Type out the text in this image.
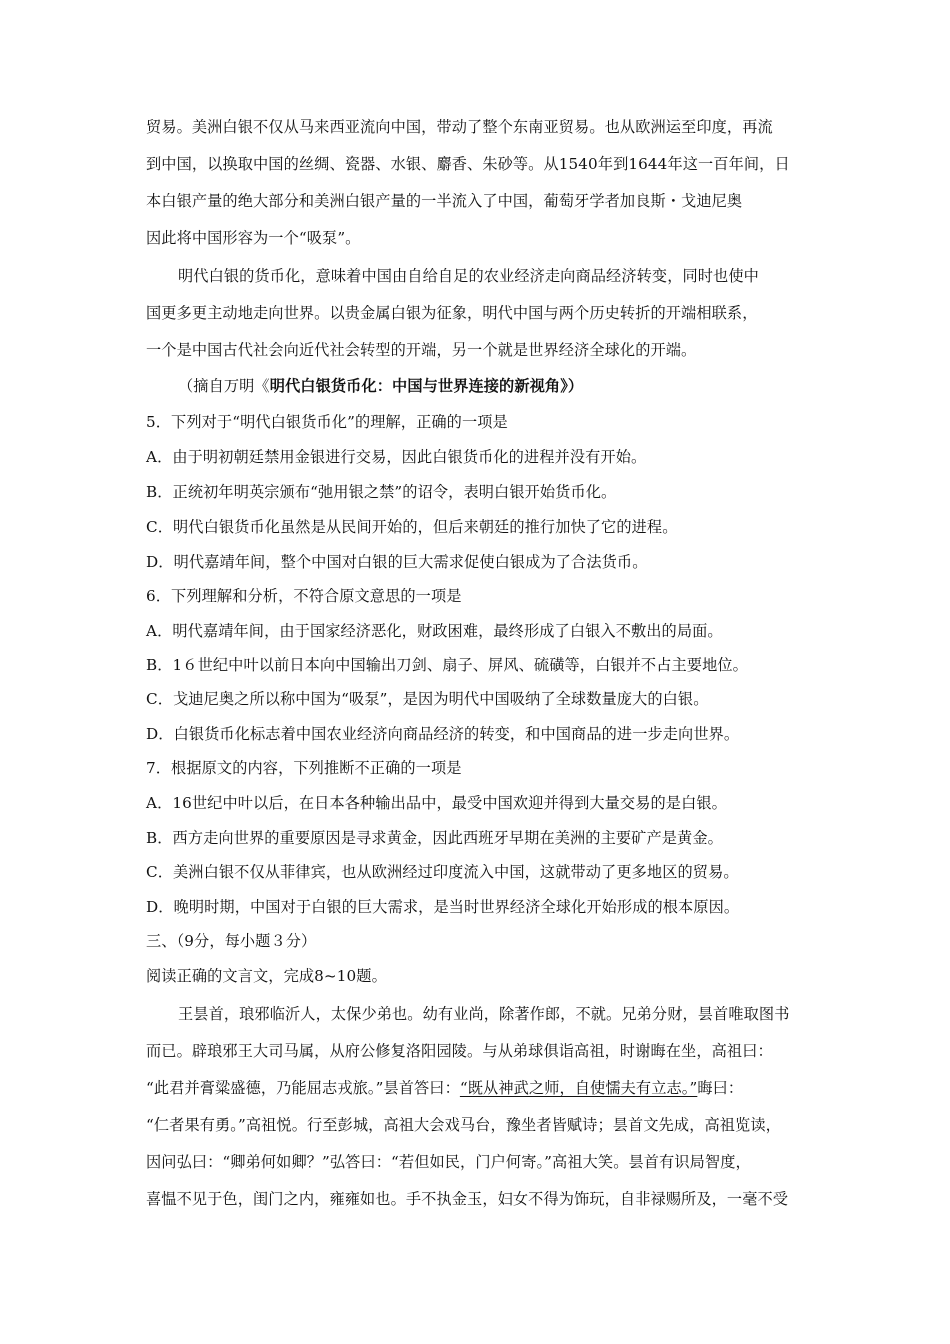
贸易。美洲白银不仅从马来西亚流向中国，带动了整个东南亚贸易。也从欧洲运至印度，再流
到中国，以换取中国的丝绸、瓷器、水银、麝香、朱砂等。从1540年到1644年这一百年间，日
本白银产量的绝大部分和美洲白银产量的一半流入了中国，葡萄牙学者加良斯・戈迪尼奥
因此将中国形容为一个“吸泵”。
明代白银的货币化，意味着中国由自给自足的农业经济走向商品经济转变，同时也使中
国更多更主动地走向世界。以贵金属白银为征象，明代中国与两个历史转折的开端相联系，
一个是中国古代社会向近代社会转型的开端，另一个就是世界经济全球化的开端。
（摘自万明《明代白银货币化：中国与世界连接的新视角》）
5．下列对于“明代白银货币化”的理解，正确的一项是
A．由于明初朝廷禁用金银进行交易，因此白银货币化的进程并没有开始。
B．正统初年明英宗颁布“弛用银之禁”的诏令，表明白银开始货币化。
C．明代白银货币化虽然是从民间开始的，但后来朝廷的推行加快了它的进程。
D．明代嘉靖年间，整个中国对白银的巨大需求促使白银成为了合法货币。
6．下列理解和分析，不符合原文意思的一项是
A．明代嘉靖年间，由于国家经济恶化，财政困难，最终形成了白银入不敷出的局面。
B．1６世纪中叶以前日本向中国输出刀剑、扇子、屏风、硫磺等，白银并不占主要地位。
C．戈迪尼奥之所以称中国为“吸泵”，是因为明代中国吸纳了全球数量庞大的白银。
D．白银货币化标志着中国农业经济向商品经济的转变，和中国商品的进一步走向世界。
7．根据原文的内容，下列推断不正确的一项是
A．16世纪中叶以后，在日本各种输出品中，最受中国欢迎并得到大量交易的是白银。
B．西方走向世界的重要原因是寻求黄金，因此西班牙早期在美洲的主要矿产是黄金。
C．美洲白银不仅从菲律宾，也从欧洲经过印度流入中国，这就带动了更多地区的贸易。
D．晚明时期，中国对于白银的巨大需求，是当时世界经济全球化开始形成的根本原因。
三、（9分，每小题３分）
阅读正确的文言文，完成8~10题。
王昙首，琅邪临沂人，太保少弟也。幼有业尚，除著作郎，不就。兄弟分财，昙首唯取图书
而已。辟琅邪王大司马属，从府公修复洛阳园陵。与从弟球俱诣高祖，时谢晦在坐，高祖曰：
“此君并膏粱盛德，乃能屈志戎旅。”昙首答曰：“既从神武之师，自使懦夫有立志。”晦曰：
“仁者果有勇。”高祖悦。行至彭城，高祖大会戏马台，豫坐者皆赋诗；昙首文先成，高祖览读，
因问弘曰：“卿弟何如卿？”弘答曰：“若但如民，门户何寄。”高祖大笑。昙首有识局智度，
喜愠不见于色，闺门之内，雍雍如也。手不执金玉，妇女不得为饰玩，自非禄赐所及，一毫不受
